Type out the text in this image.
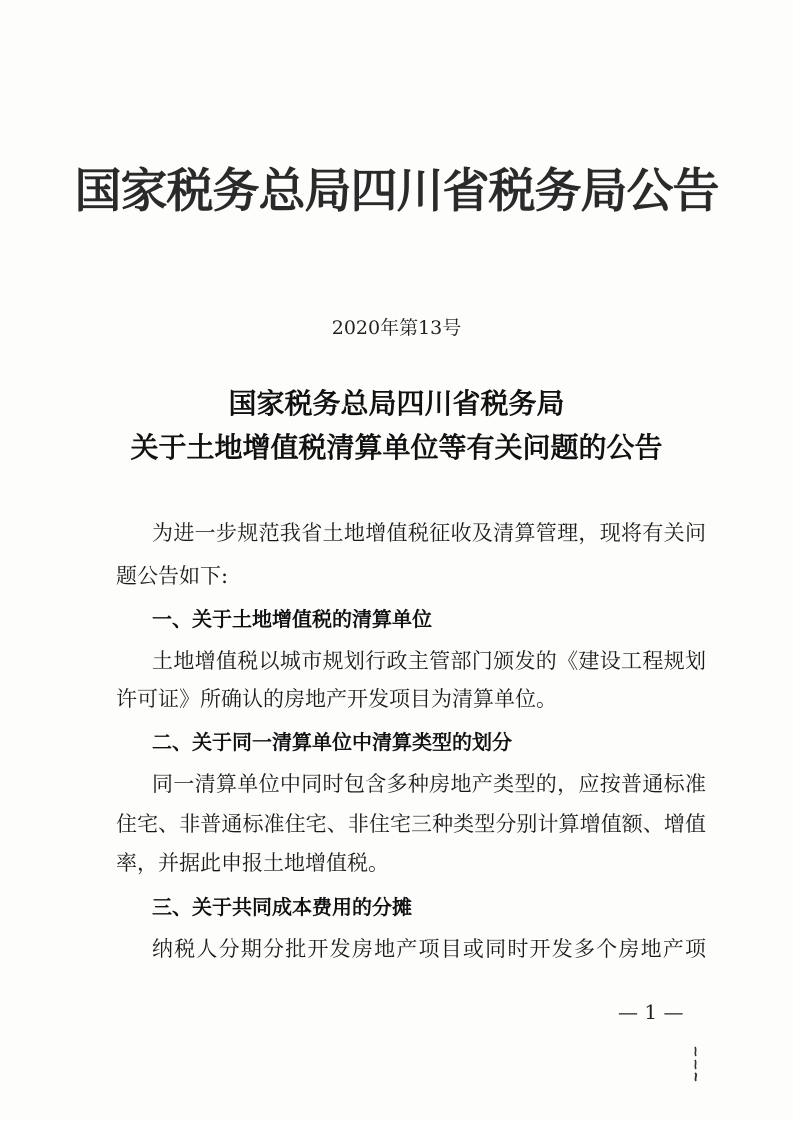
国家税务总局四川省税务局公告
2020年第13号
国家税务总局四川省税务局
关于土地增值税清算单位等有关问题的公告
为进一步规范我省土地增值税征收及清算管理，现将有关问
题公告如下:
一、关于土地增值税的清算单位
土地增值税以城市规划行政主管部门颁发的《建设工程规划
许可证》所确认的房地产开发项目为清算单位。
二、关于同一清算单位中清算类型的划分
同一清算单位中同时包含多种房地产类型的，应按普通标准
住宅、非普通标准住宅、非住宅三种类型分别计算增值额、增值
率，并据此申报土地增值税。
三、关于共同成本费用的分摊
纳税人分期分批开发房地产项目或同时开发多个房地产项
— 1 —
